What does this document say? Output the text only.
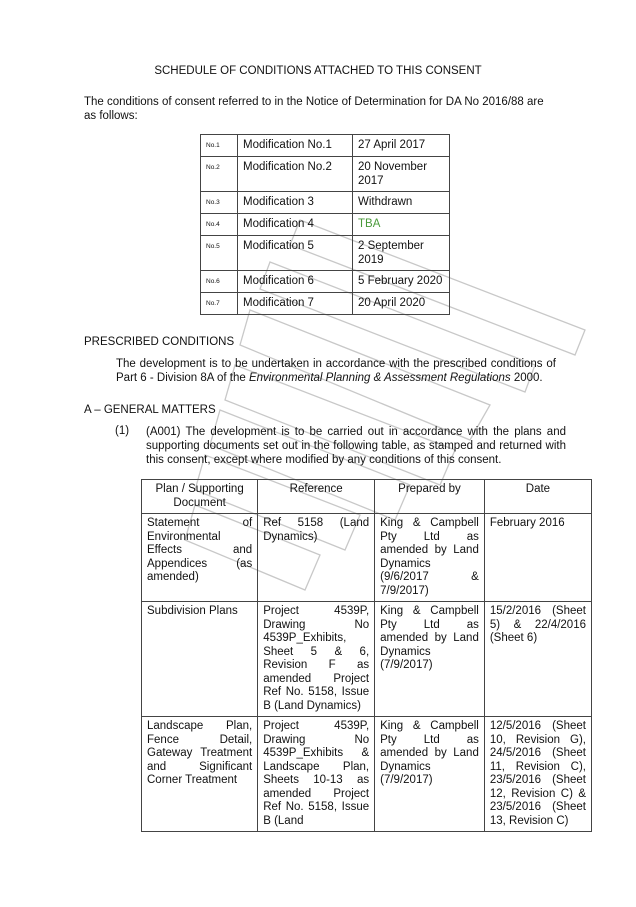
SCHEDULE OF CONDITIONS ATTACHED TO THIS CONSENT
The conditions of consent referred to in the Notice of Determination for DA No 2016/88 are as follows:
No.1	Modification No.1	27 April 2017
No.2	Modification No.2	20 November 2017
No.3	Modification 3	Withdrawn
No.4	Modification 4	TBA
No.5	Modification 5	2 September 2019
No.6	Modification 6	5 February 2020
No.7	Modification 7	20 April 2020
PRESCRIBED CONDITIONS
The development is to be undertaken in accordance with the prescribed conditions of Part 6 - Division 8A of the Environmental Planning & Assessment Regulations 2000.
A – GENERAL MATTERS
(1) (A001) The development is to be carried out in accordance with the plans and supporting documents set out in the following table, as stamped and returned with this consent, except where modified by any conditions of this consent.
Plan / Supporting Document	Reference	Prepared by	Date
Statement of Environmental Effects and Appendices (as amended)	Ref 5158 (Land Dynamics)	King & Campbell Pty Ltd as amended by Land Dynamics (9/6/2017 & 7/9/2017)	February 2016
Subdivision Plans	Project 4539P, Drawing No 4539P_Exhibits, Sheet 5 & 6, Revision F as amended Project Ref No. 5158, Issue B (Land Dynamics)	King & Campbell Pty Ltd as amended by Land Dynamics (7/9/2017)	15/2/2016 (Sheet 5) & 22/4/2016 (Sheet 6)
Landscape Plan, Fence Detail, Gateway Treatment and Significant Corner Treatment	Project 4539P, Drawing No 4539P_Exhibits & Landscape Plan, Sheets 10-13 as amended Project Ref No. 5158, Issue B (Land	King & Campbell Pty Ltd as amended by Land Dynamics (7/9/2017)	12/5/2016 (Sheet 10, Revision G), 24/5/2016 (Sheet 11, Revision C), 23/5/2016 (Sheet 12, Revision C) & 23/5/2016 (Sheet 13, Revision C)
